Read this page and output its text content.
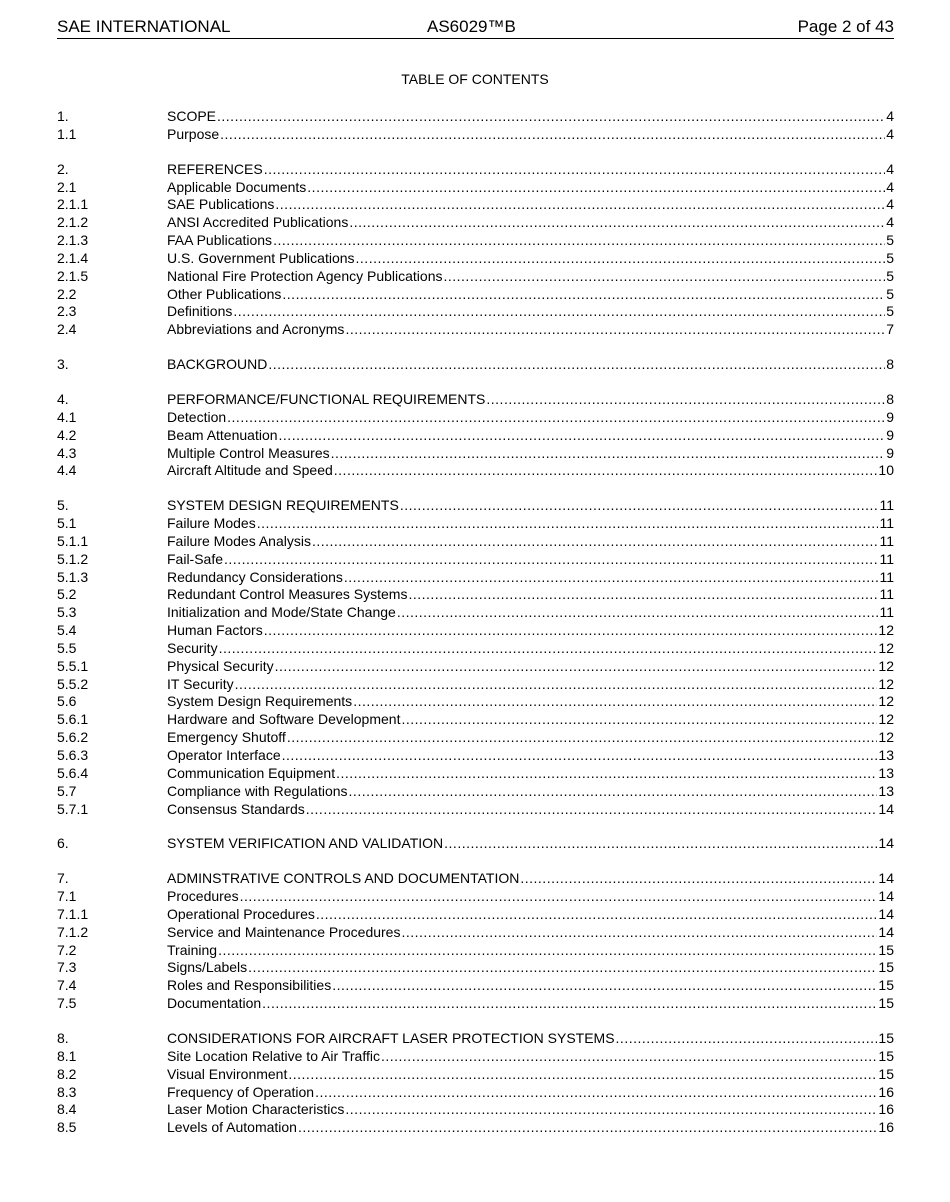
SAE INTERNATIONAL	AS6029™B	Page 2 of 43
TABLE OF CONTENTS
1.	SCOPE .....	4
1.1	Purpose .....	4
2.	REFERENCES .....	4
2.1	Applicable Documents .....	4
2.1.1	SAE Publications .....	4
2.1.2	ANSI Accredited Publications .....	4
2.1.3	FAA Publications .....	5
2.1.4	U.S. Government Publications .....	5
2.1.5	National Fire Protection Agency Publications .....	5
2.2	Other Publications .....	5
2.3	Definitions .....	5
2.4	Abbreviations and Acronyms .....	7
3.	BACKGROUND .....	8
4.	PERFORMANCE/FUNCTIONAL REQUIREMENTS .....	8
4.1	Detection .....	9
4.2	Beam Attenuation .....	9
4.3	Multiple Control Measures .....	9
4.4	Aircraft Altitude and Speed .....	10
5.	SYSTEM DESIGN REQUIREMENTS .....	11
5.1	Failure Modes .....	11
5.1.1	Failure Modes Analysis .....	11
5.1.2	Fail-Safe .....	11
5.1.3	Redundancy Considerations .....	11
5.2	Redundant Control Measures Systems .....	11
5.3	Initialization and Mode/State Change .....	11
5.4	Human Factors .....	12
5.5	Security .....	12
5.5.1	Physical Security .....	12
5.5.2	IT Security .....	12
5.6	System Design Requirements .....	12
5.6.1	Hardware and Software Development .....	12
5.6.2	Emergency Shutoff .....	12
5.6.3	Operator Interface .....	13
5.6.4	Communication Equipment .....	13
5.7	Compliance with Regulations .....	13
5.7.1	Consensus Standards .....	14
6.	SYSTEM VERIFICATION AND VALIDATION .....	14
7.	ADMINSTRATIVE CONTROLS AND DOCUMENTATION .....	14
7.1	Procedures .....	14
7.1.1	Operational Procedures .....	14
7.1.2	Service and Maintenance Procedures .....	14
7.2	Training .....	15
7.3	Signs/Labels .....	15
7.4	Roles and Responsibilities .....	15
7.5	Documentation .....	15
8.	CONSIDERATIONS FOR AIRCRAFT LASER PROTECTION SYSTEMS .....	15
8.1	Site Location Relative to Air Traffic .....	15
8.2	Visual Environment .....	15
8.3	Frequency of Operation .....	16
8.4	Laser Motion Characteristics .....	16
8.5	Levels of Automation .....	16
